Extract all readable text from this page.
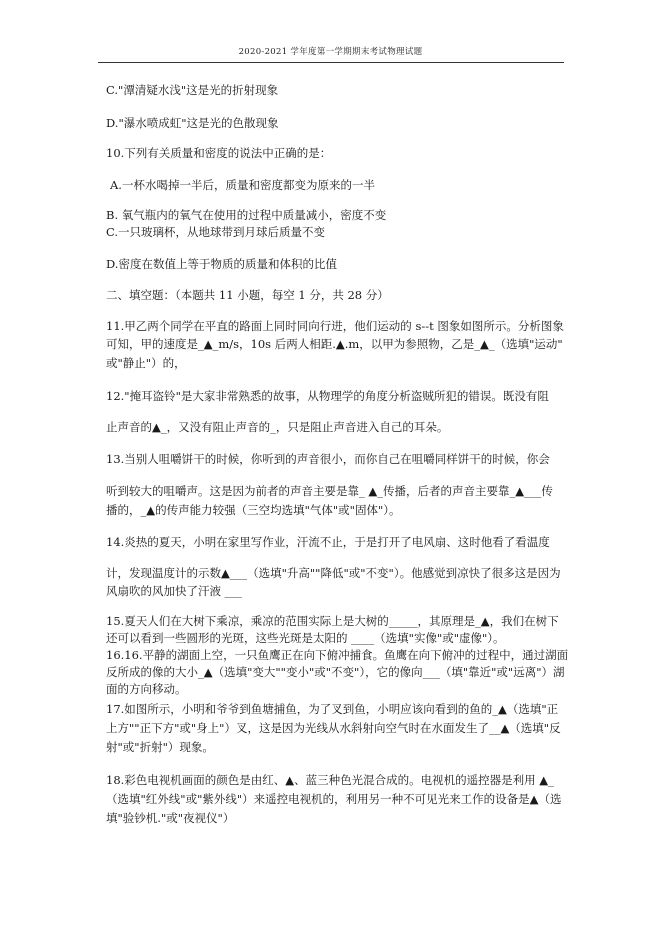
2020-2021 学年度第一学期期末考试物理试题
C."潭清疑水浅"这是光的折射现象
D."瀑水喷成虹"这是光的色散现象
10.下列有关质量和密度的说法中正确的是：
A.一杯水喝掉一半后，质量和密度都变为原来的一半
B. 氧气瓶内的氧气在使用的过程中质量减小，密度不变
C.一只玻璃杯，从地球带到月球后质量不变
D.密度在数值上等于物质的质量和体积的比值
二、填空题：（本题共 11 小题，每空 1 分，共 28 分）
11.甲乙两个同学在平直的路面上同时同向行进，他们运动的 s--t 图象如图所示。分析图象
可知，甲的速度是_▲_m/s，10s 后两人相距.▲.m，以甲为参照物，乙是_▲_（选填"运动"
或"静止"）的，
12."掩耳盗铃"是大家非常熟悉的故事，从物理学的角度分析盗贼所犯的错误。既没有阻
止声音的▲_，又没有阻止声音的_，只是阻止声音进入自己的耳朵。
13.当别人咀嚼饼干的时候，你听到的声音很小，而你自己在咀嚼同样饼干的时候，你会
听到较大的咀嚼声。这是因为前者的声音主要是靠_ ▲_传播，后者的声音主要靠_▲___传
播的，_▲的传声能力较强（三空均选填"气体"或"固体"）。
14.炎热的夏天，小明在家里写作业，汗流不止，于是打开了电风扇、这时他看了看温度
计，发现温度计的示数▲___（选填"升高""降低"或"不变"）。他感觉到凉快了很多这是因为
风扇吹的风加快了汗液 ___
15.夏天人们在大树下乘凉，乘凉的范围实际上是大树的_____，其原理是_▲，我们在树下
还可以看到一些圆形的光斑，这些光斑是太阳的 ____（选填"实像"或"虚像"）。
16.16.平静的湖面上空，一只鱼鹰正在向下俯冲捕食。鱼鹰在向下俯冲的过程中，通过湖面
反所成的像的大小_▲（选填"变大""变小"或"不变"），它的像向___（填"靠近"或"远离"）湖
面的方向移动。
17.如图所示，小明和爷爷到鱼塘捕鱼，为了叉到鱼，小明应该向看到的鱼的_▲（选填"正
上方""正下方"或"身上"）叉，这是因为光线从水斜射向空气时在水面发生了__▲（选填"反
射"或"折射"）现象。
18.彩色电视机画面的颜色是由红、▲、蓝三种色光混合成的。电视机的遥控器是利用 ▲_
（选填"红外线"或"紫外线"）来遥控电视机的，利用另一种不可见光来工作的设备是▲（选
填"验钞机."或"夜视仪"）
